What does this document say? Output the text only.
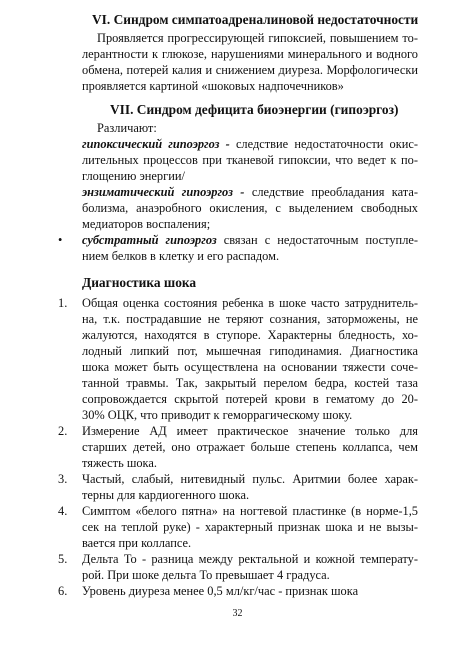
VI. Синдром симпатоадреналиновой недостаточности
Проявляется прогрессирующей гипоксией, повышением то-
лерантности к глюкозе, нарушениями минерального и водного
обмена, потерей калия и снижением диуреза. Морфологически
проявляется картиной «шоковых надпочечников»
VII. Синдром дефицита биоэнергии (гипоэргоз)
Различают:
гипоксический гипоэргоз - следствие недостаточности окис-
лительных процессов при тканевой гипоксии, что ведет к по-
глощению энергии/
энзиматический гипоэргоз - следствие преобладания ката-
болизма, анаэробного окисления, с выделением свободных
медиаторов воспаления;
• субстратный гипоэргоз связан с недостаточным поступле-
нием белков в клетку и его распадом.
Диагностика шока
1. Общая оценка состояния ребенка в шоке часто затруднитель-
на, т.к. пострадавшие не теряют сознания, заторможены, не
жалуются, находятся в ступоре. Характерны бледность, хо-
лодный липкий пот, мышечная гиподинамия. Диагностика
шока может быть осуществлена на основании тяжести соче-
танной травмы. Так, закрытый перелом бедра, костей таза
сопровождается скрытой потерей крови в гематому до 20-
30% ОЦК, что приводит к геморрагическому шоку.
2. Измерение АД имеет практическое значение только для
старших детей, оно отражает больше степень коллапса, чем
тяжесть шока.
3. Частый, слабый, нитевидный пульс. Аритмии более харак-
терны для кардиогенного шока.
4. Симптом «белого пятна» на ногтевой пластинке (в норме-1,5
сек на теплой руке) - характерный признак шока и не вызы-
вается при коллапсе.
5. Дельта То - разница между ректальной и кожной температу-
рой. При шоке дельта То превышает 4 градуса.
6. Уровень диуреза менее 0,5 мл/кг/час - признак шока
32
